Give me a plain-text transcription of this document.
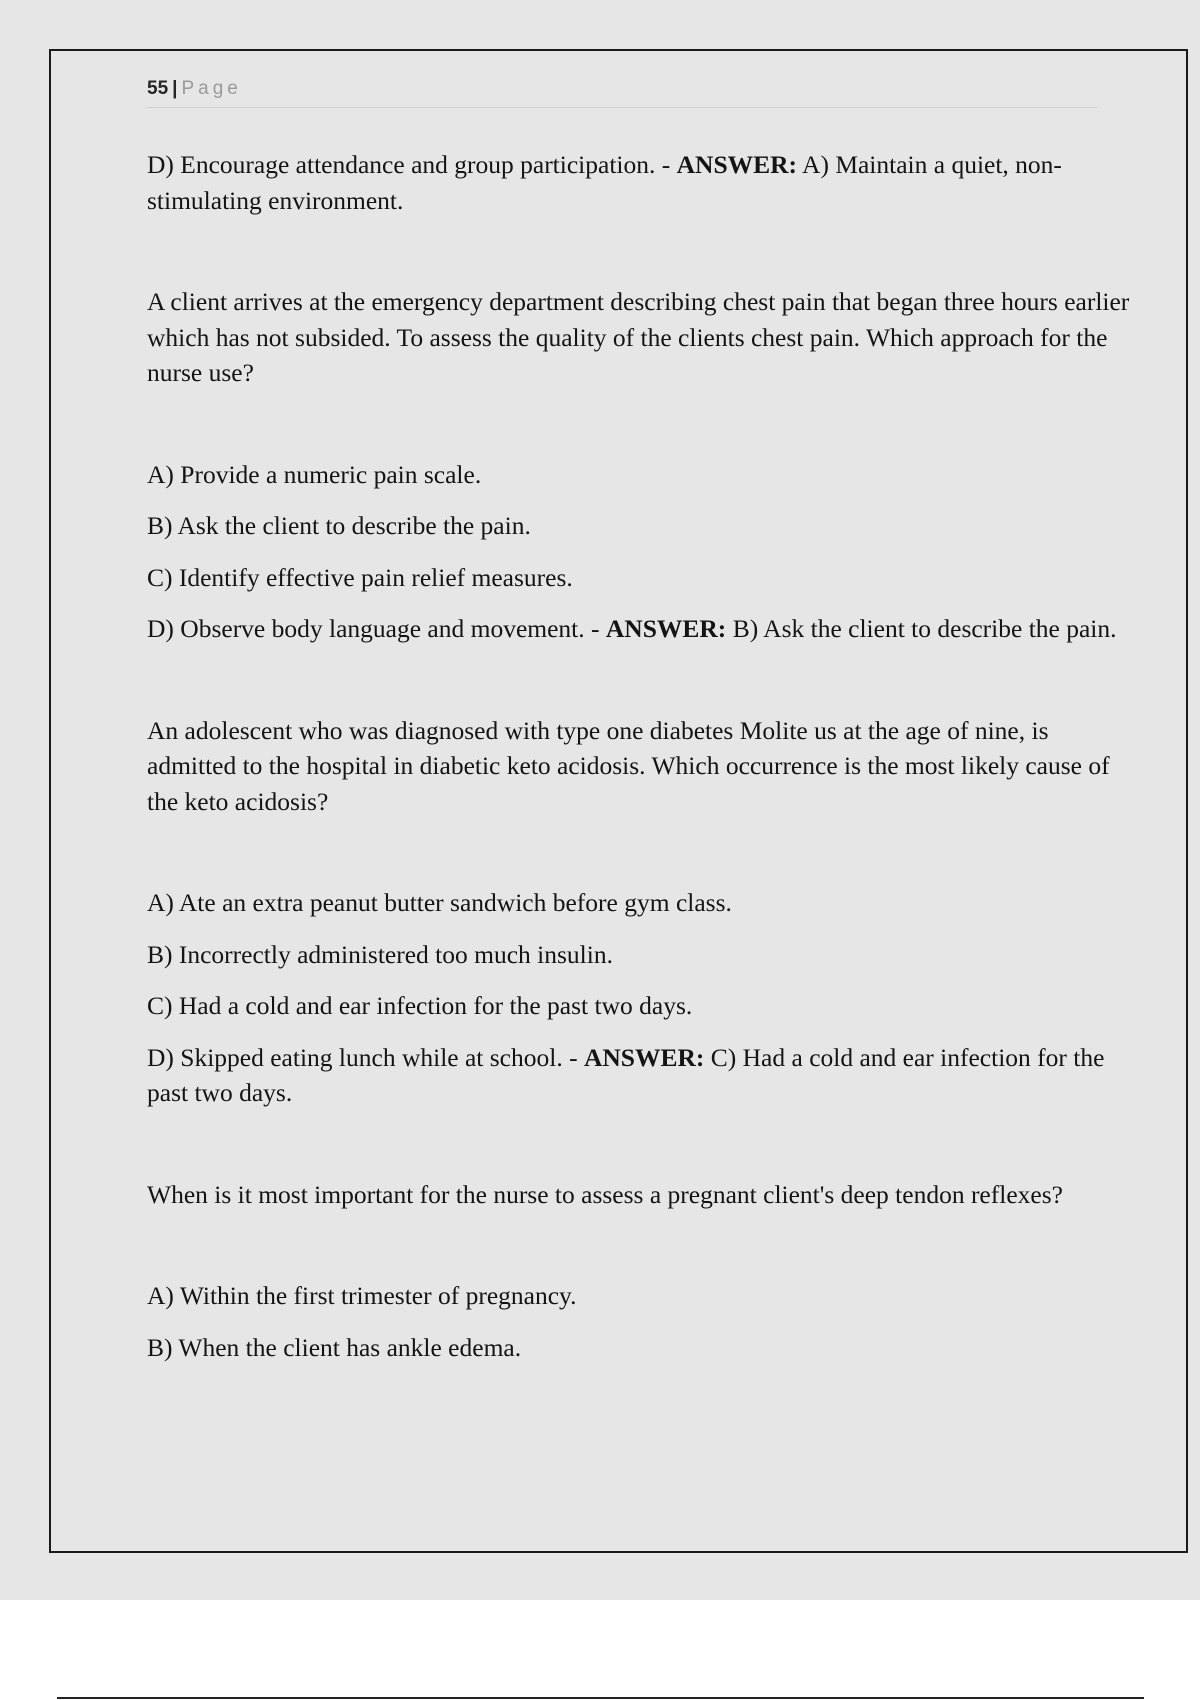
55 | Page

D) Encourage attendance and group participation. - ANSWER: A) Maintain a quiet, non-stimulating environment.

A client arrives at the emergency department describing chest pain that began three hours earlier which has not subsided. To assess the quality of the clients chest pain. Which approach for the nurse use?

A) Provide a numeric pain scale.

B) Ask the client to describe the pain.

C) Identify effective pain relief measures.

D) Observe body language and movement. - ANSWER: B) Ask the client to describe the pain.

An adolescent who was diagnosed with type one diabetes Molite us at the age of nine, is admitted to the hospital in diabetic keto acidosis. Which occurrence is the most likely cause of the keto acidosis?

A) Ate an extra peanut butter sandwich before gym class.

B) Incorrectly administered too much insulin.

C) Had a cold and ear infection for the past two days.

D) Skipped eating lunch while at school. - ANSWER: C) Had a cold and ear infection for the past two days.

When is it most important for the nurse to assess a pregnant client's deep tendon reflexes?

A) Within the first trimester of pregnancy.

B) When the client has ankle edema.
